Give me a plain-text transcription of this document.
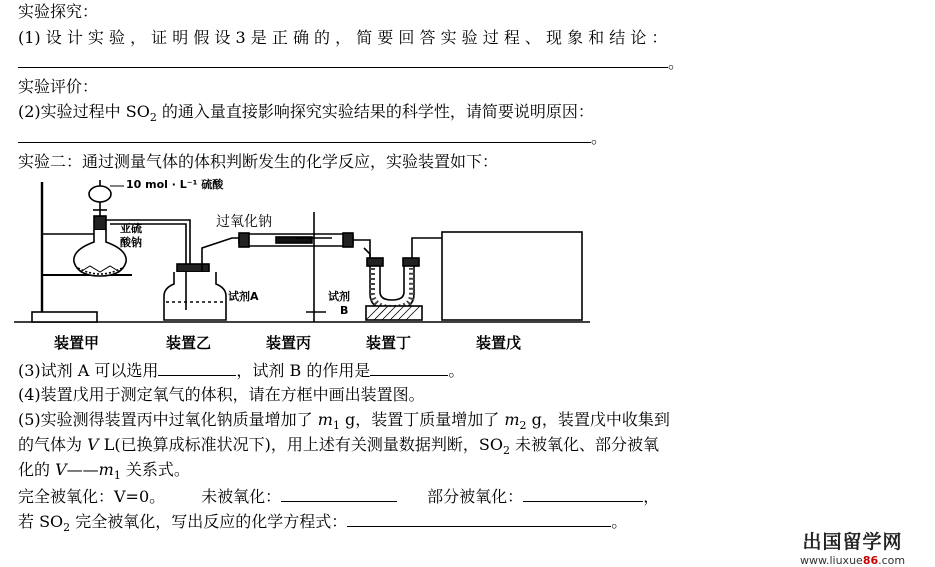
实验探究：
(1) 设 计 实 验 ， 证 明 假 设 3 是 正 确 的 ， 简 要 回 答 实 验 过 程 、 现 象 和 结 论 ：
。
实验评价：
(2)实验过程中 $SO_2$ 的通入量直接影响探究实验结果的科学性，请简要说明原因：
。
实验二：通过测量气体的体积判断发生的化学反应，实验装置如下：
10 mol · L⁻¹ 硫酸
亚硫
酸钠
过氧化钠
试剂A	试剂
B
装置甲	装置乙	装置丙	装置丁	装置戊
(3)试剂 A 可以选用	，试剂 B 的作用是	。
(4)装置戊用于测定氧气的体积，请在方框中画出装置图。
(5)实验测得装置丙中过氧化钠质量增加了 $m_1$ g，装置丁质量增加了 $m_2$ g，装置戊中收集到
的气体为 V L(已换算成标准状况下)，用上述有关测量数据判断，$SO_2$ 未被氧化、部分被氧
化的 $V——m_1$ 关系式。
完全被氧化：V=0。 未被氧化：	部分被氧化：	，
若 $SO_2$ 完全被氧化，写出反应的化学方程式：	。
出国留学网
www.liuxue86.com
